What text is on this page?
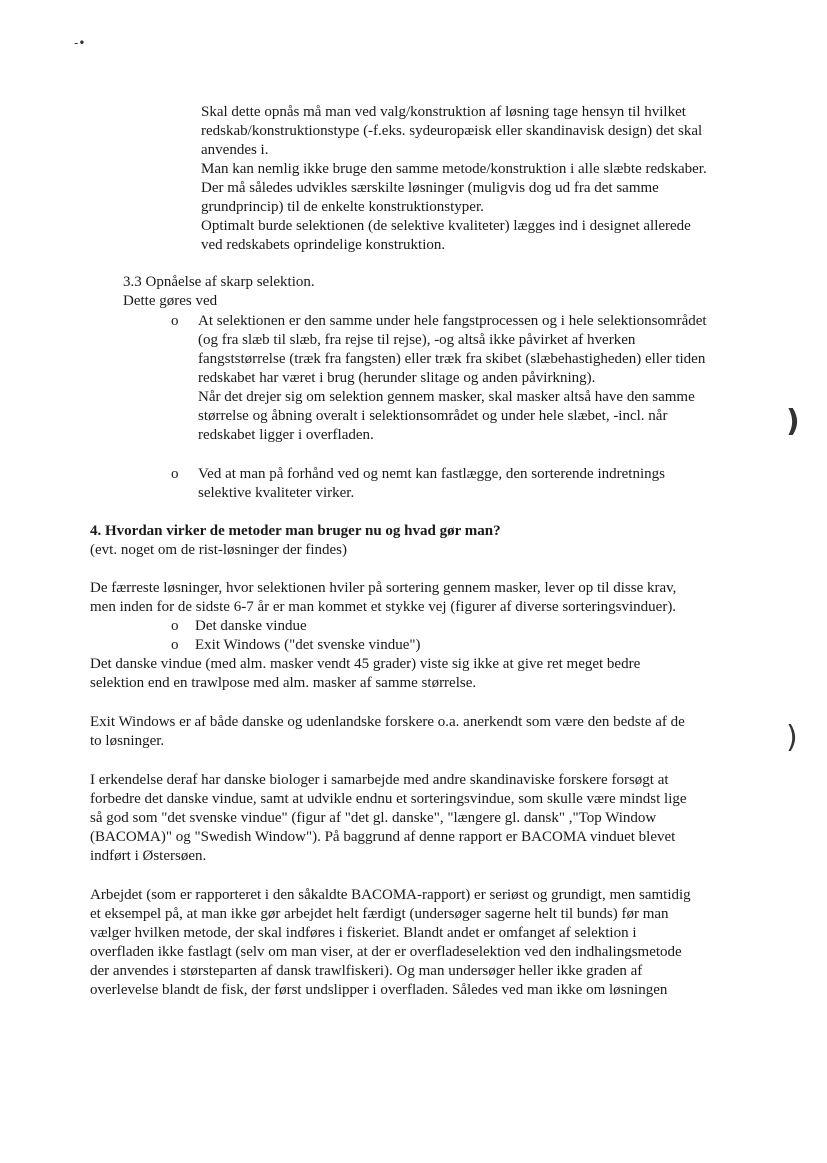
-•
)
)
Skal dette opnås må man ved valg/konstruktion af løsning tage hensyn til hvilket
redskab/konstruktionstype (-f.eks. sydeuropæisk eller skandinavisk design) det skal
anvendes i.
Man kan nemlig ikke bruge den samme metode/konstruktion i alle slæbte redskaber.
Der må således udvikles særskilte løsninger (muligvis dog ud fra det samme
grundprincip) til de enkelte konstruktionstyper.
Optimalt burde selektionen (de selektive kvaliteter) lægges ind i designet allerede
ved redskabets oprindelige konstruktion.
3.3 Opnåelse af skarp selektion.
Dette gøres ved
o At selektionen er den samme under hele fangstprocessen og i hele selektionsområdet
(og fra slæb til slæb, fra rejse til rejse), -og altså ikke påvirket af hverken
fangststørrelse (træk fra fangsten) eller træk fra skibet (slæbehastigheden) eller tiden
redskabet har været i brug (herunder slitage og anden påvirkning).
Når det drejer sig om selektion gennem masker, skal masker altså have den samme
størrelse og åbning overalt i selektionsområdet og under hele slæbet, -incl. når
redskabet ligger i overfladen.
o Ved at man på forhånd ved og nemt kan fastlægge, den sorterende indretnings
selektive kvaliteter virker.
4. Hvordan virker de metoder man bruger nu og hvad gør man?
(evt. noget om de rist-løsninger der findes)
De færreste løsninger, hvor selektionen hviler på sortering gennem masker, lever op til disse krav,
men inden for de sidste 6-7 år er man kommet et stykke vej (figurer af diverse sorteringsvinduer).
o Det danske vindue
o Exit Windows ("det svenske vindue")
Det danske vindue (med alm. masker vendt 45 grader) viste sig ikke at give ret meget bedre
selektion end en trawlpose med alm. masker af samme størrelse.
Exit Windows er af både danske og udenlandske forskere o.a. anerkendt som være den bedste af de
to løsninger.
I erkendelse deraf har danske biologer i samarbejde med andre skandinaviske forskere forsøgt at
forbedre det danske vindue, samt at udvikle endnu et sorteringsvindue, som skulle være mindst lige
så god som "det svenske vindue" (figur af "det gl. danske", "længere gl. dansk" ,"Top Window
(BACOMA)" og "Swedish Window"). På baggrund af denne rapport er BACOMA vinduet blevet
indført i Østersøen.
Arbejdet (som er rapporteret i den såkaldte BACOMA-rapport) er seriøst og grundigt, men samtidig
et eksempel på, at man ikke gør arbejdet helt færdigt (undersøger sagerne helt til bunds) før man
vælger hvilken metode, der skal indføres i fiskeriet. Blandt andet er omfanget af selektion i
overfladen ikke fastlagt (selv om man viser, at der er overfladeselektion ved den indhalingsmetode
der anvendes i størsteparten af dansk trawlfiskeri). Og man undersøger heller ikke graden af
overlevelse blandt de fisk, der først undslipper i overfladen. Således ved man ikke om løsningen
